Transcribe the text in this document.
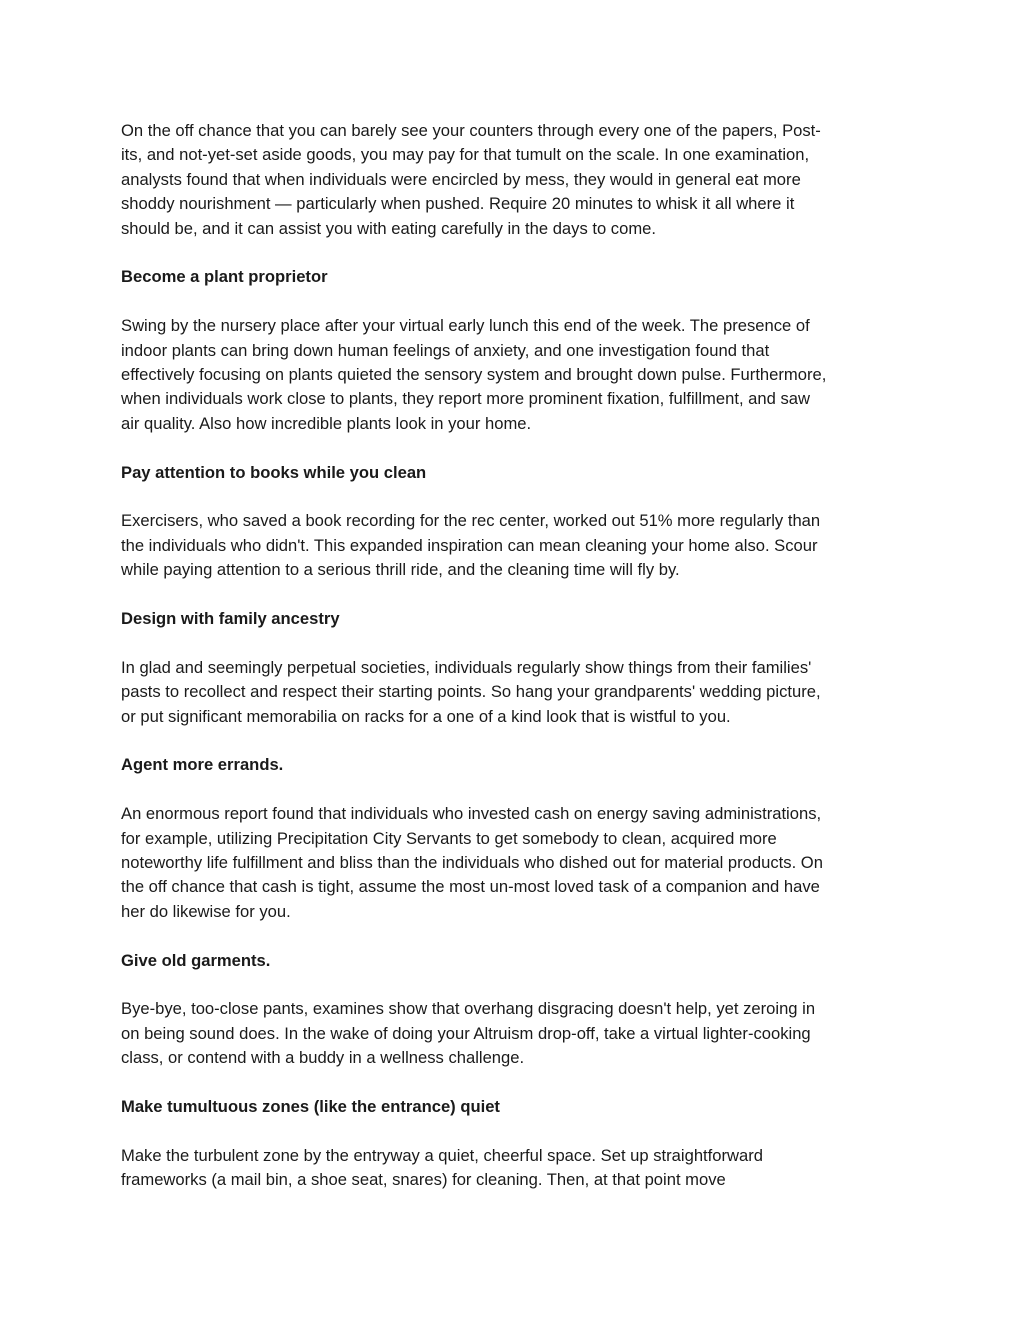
On the off chance that you can barely see your counters through every one of the papers, Post-
its, and not-yet-set aside goods, you may pay for that tumult on the scale. In one examination,
analysts found that when individuals were encircled by mess, they would in general eat more
shoddy nourishment — particularly when pushed. Require 20 minutes to whisk it all where it
should be, and it can assist you with eating carefully in the days to come.

Become a plant proprietor

Swing by the nursery place after your virtual early lunch this end of the week. The presence of
indoor plants can bring down human feelings of anxiety, and one investigation found that
effectively focusing on plants quieted the sensory system and brought down pulse. Furthermore,
when individuals work close to plants, they report more prominent fixation, fulfillment, and saw
air quality. Also how incredible plants look in your home.

Pay attention to books while you clean

Exercisers, who saved a book recording for the rec center, worked out 51% more regularly than
the individuals who didn't. This expanded inspiration can mean cleaning your home also. Scour
while paying attention to a serious thrill ride, and the cleaning time will fly by.

Design with family ancestry

In glad and seemingly perpetual societies, individuals regularly show things from their families'
pasts to recollect and respect their starting points. So hang your grandparents' wedding picture,
or put significant memorabilia on racks for a one of a kind look that is wistful to you.

Agent more errands.

An enormous report found that individuals who invested cash on energy saving administrations,
for example, utilizing Precipitation City Servants to get somebody to clean, acquired more
noteworthy life fulfillment and bliss than the individuals who dished out for material products. On
the off chance that cash is tight, assume the most un-most loved task of a companion and have
her do likewise for you.

Give old garments.

Bye-bye, too-close pants, examines show that overhang disgracing doesn't help, yet zeroing in
on being sound does. In the wake of doing your Altruism drop-off, take a virtual lighter-cooking
class, or contend with a buddy in a wellness challenge.

Make tumultuous zones (like the entrance) quiet

Make the turbulent zone by the entryway a quiet, cheerful space. Set up straightforward
frameworks (a mail bin, a shoe seat, snares) for cleaning. Then, at that point move
